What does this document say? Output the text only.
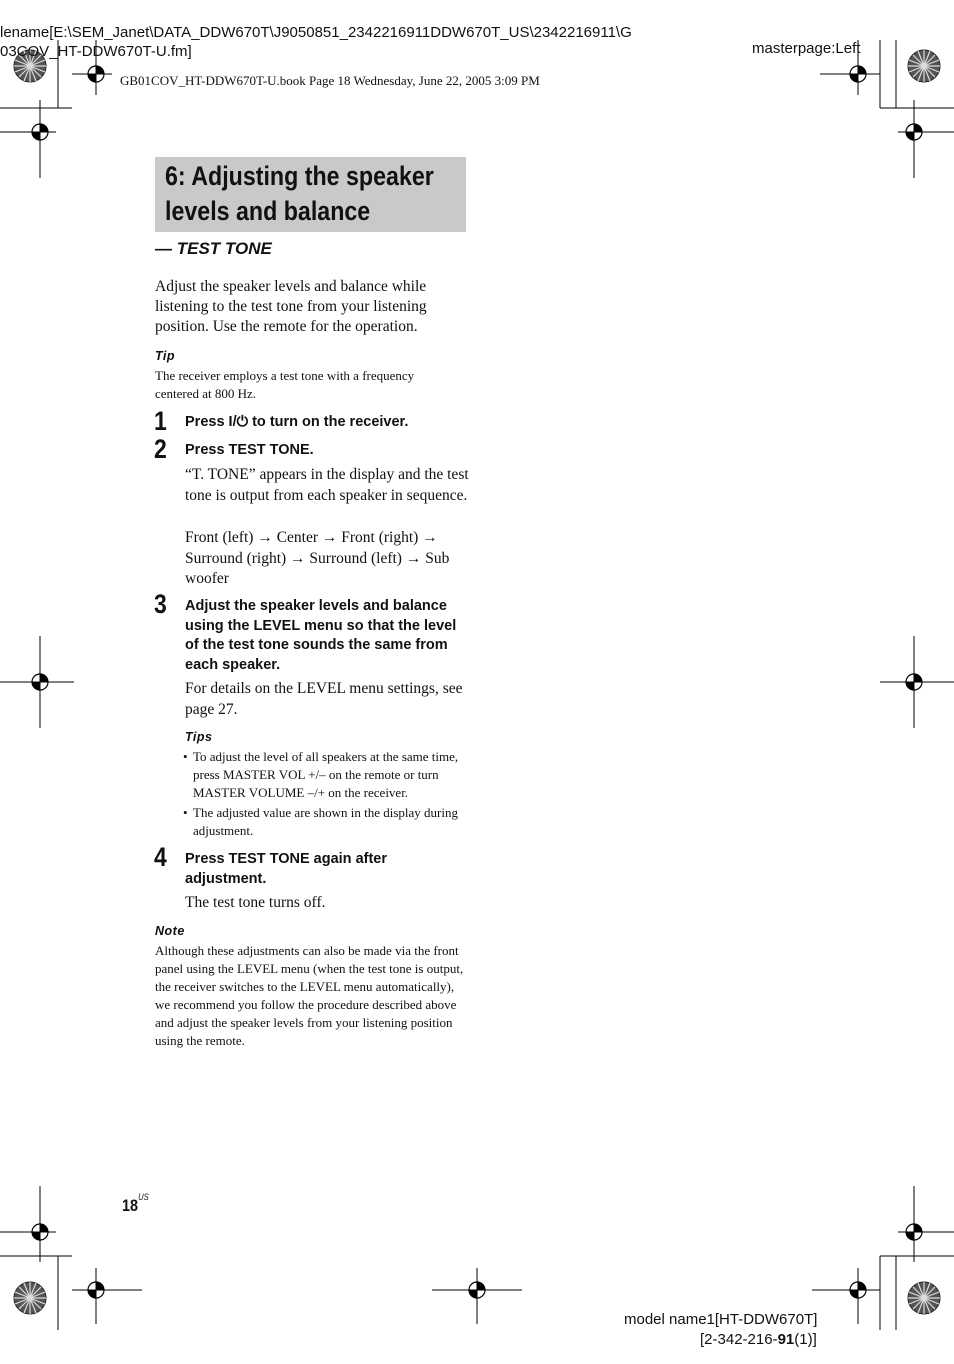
lename[E:\SEM_Janet\DATA_DDW670T\J9050851_2342216911DDW670T_US\2342216911\G
03COV_HT-DDW670T-U.fm]	masterpage:Left
GB01COV_HT-DDW670T-U.book Page 18 Wednesday, June 22, 2005 3:09 PM
6: Adjusting the speaker
levels and balance
— TEST TONE
Adjust the speaker levels and balance while listening to the test tone from your listening position. Use the remote for the operation.
Tip
The receiver employs a test tone with a frequency centered at 800 Hz.
1 Press I/⏻ to turn on the receiver.
2 Press TEST TONE.
“T. TONE” appears in the display and the test tone is output from each speaker in sequence.
Front (left) → Center → Front (right) → Surround (right) → Surround (left) → Sub woofer
3 Adjust the speaker levels and balance using the LEVEL menu so that the level of the test tone sounds the same from each speaker.
For details on the LEVEL menu settings, see page 27.
Tips
• To adjust the level of all speakers at the same time, press MASTER VOL +/– on the remote or turn MASTER VOLUME –/+ on the receiver.
• The adjusted value are shown in the display during adjustment.
4 Press TEST TONE again after adjustment.
The test tone turns off.
Note
Although these adjustments can also be made via the front panel using the LEVEL menu (when the test tone is output, the receiver switches to the LEVEL menu automatically), we recommend you follow the procedure described above and adjust the speaker levels from your listening position using the remote.
$18^{US}$
model name1[HT-DDW670T]
[2-342-216-91(1)]
